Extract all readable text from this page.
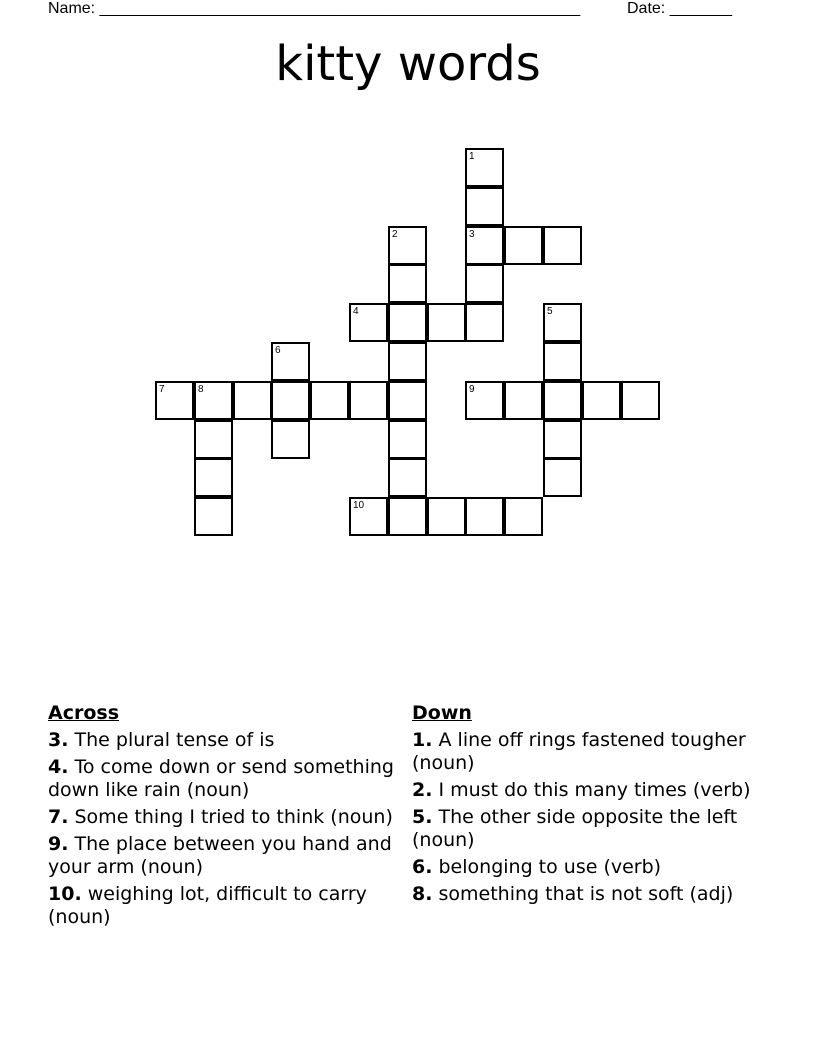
Name: ______________________________________________________	Date: _______
kitty words
1
2	3
4	5
6
7	8	9
10
Across
3. The plural tense of is
4. To come down or send something down like rain (noun)
7. Some thing I tried to think (noun)
9. The place between you hand and your arm (noun)
10. weighing lot, difficult to carry (noun)
Down
1. A line off rings fastened tougher (noun)
2. I must do this many times (verb)
5. The other side opposite the left (noun)
6. belonging to use (verb)
8. something that is not soft (adj)
